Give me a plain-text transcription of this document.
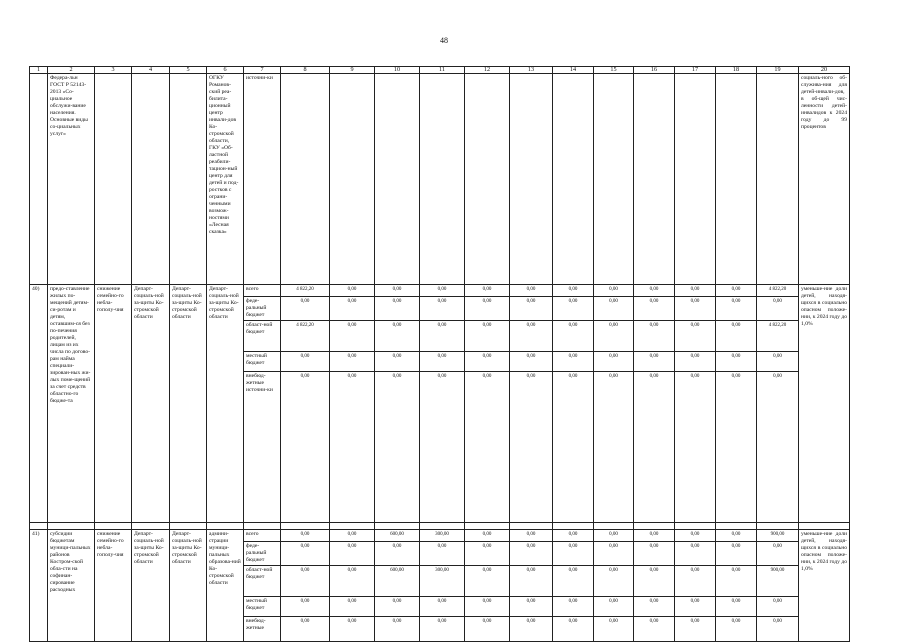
48
1	2	3	4	5	6	7	8	9	10	11	12	13	14	15	16	17	18	19	20
	Федера-льн ГОСТ Р 52143-2013 «Со-циальное обслужи-вание населения. Основные виды со-циальных услуг»				ОГКУ Романов-ский реа-билита-ционный центр инвали-дов Ко-стромской области, ГКУ «Об-ластной реабили-тацион-ный центр для детей и под-ростков с ограни-ченными возмож-ностями «Лесная сказка»	источни-ки													социаль-ного об-служива-ния для детей-инвали-дов, в об-щей чис-ленности детей-инвалидов к 2024 году до 99 процентов
40)	предо-ставление жилых по-мещений детям-си-ротам и детям, оставшим-ся без по-печения родителей, лицам из их числа по догово-рам найма специали-зирован-ных жи-лых поме-щений за счет средств областно-го бюдже-та	снижение семейно-го небла-гополу-чия	Департ-социаль-ной за-щиты Ко-стромской области	Департ-социаль-ной за-щиты Ко-стромской области	Департ-социаль-ной за-щиты Ко-стромской области	всего	4 822,20	0,00	0,00	0,00	0,00	0,00	0,00	0,00	0,00	0,00	0,00	4 822,20	уменьше-ние доли детей, находя-щихся в социально опасном положе-нии, к 2024 году до 1,0%
						феде-ральный бюджет	0,00	0,00	0,00	0,00	0,00	0,00	0,00	0,00	0,00	0,00	0,00	0,00	
						област-ной бюджет	4 822,20	0,00	0,00	0,00	0,00	0,00	0,00	0,00	0,00	0,00	0,00	4 822,20	
						местный бюджет	0,00	0,00	0,00	0,00	0,00	0,00	0,00	0,00	0,00	0,00	0,00	0,00	
						внебюд-жетные источни-ки	0,00	0,00	0,00	0,00	0,00	0,00	0,00	0,00	0,00	0,00	0,00	0,00	

41)	субсидии бюджетам муници-пальных районов Костром-ской обла-сти на софинан-сирование расходных	снижение семейно-го небла-гополу-чия	Департ-социаль-ной за-щиты Ко-стромской области	Департ-социаль-ной за-щиты Ко-стромской области	админи-страции муници-пальных образова-ний Ко-стромской области	всего	0,00	0,00	600,00	300,00	0,00	0,00	0,00	0,00	0,00	0,00	0,00	900,00	уменьше-ние доли детей, находя-щихся в социально опасном положе-нии, к 2024 году до 1,0%
						феде-ральный бюджет	0,00	0,00	0,00	0,00	0,00	0,00	0,00	0,00	0,00	0,00	0,00	0,00	
						област-ной бюджет	0,00	0,00	600,00	300,00	0,00	0,00	0,00	0,00	0,00	0,00	0,00	900,00	
						местный бюджет	0,00	0,00	0,00	0,00	0,00	0,00	0,00	0,00	0,00	0,00	0,00	0,00	
						внебюд-жетные	0,00	0,00	0,00	0,00	0,00	0,00	0,00	0,00	0,00	0,00	0,00	0,00	
